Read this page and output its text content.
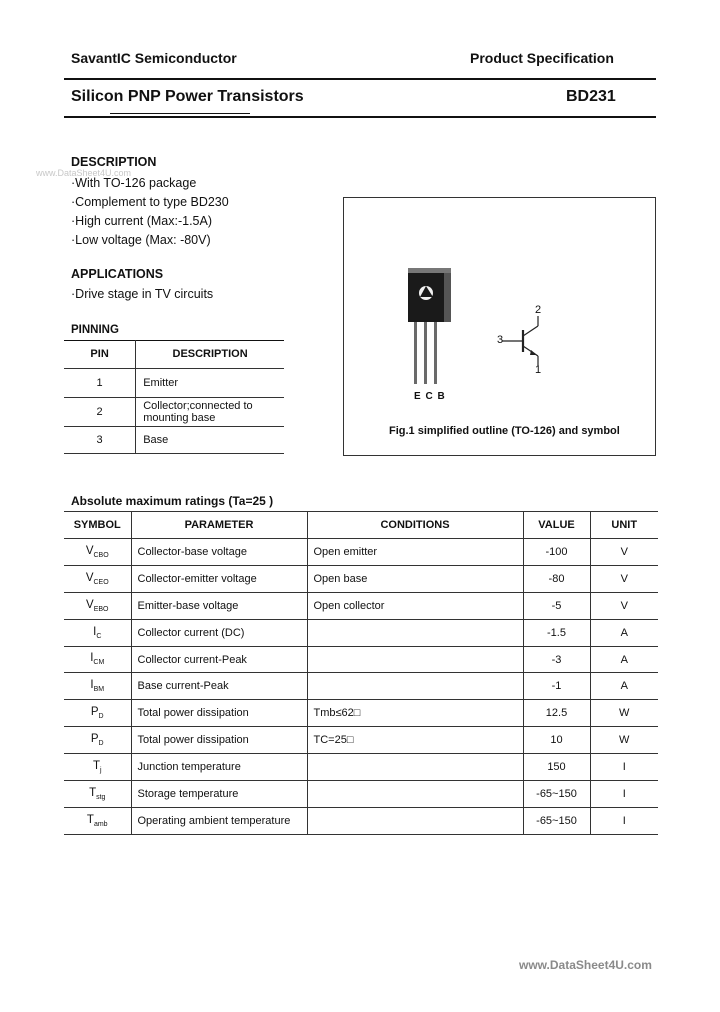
SavantIC Semiconductor	Product Specification
Silicon PNP Power Transistors	BD231
www.DataSheet4U.com
DESCRIPTION
·With TO-126 package
·Complement to type BD230
·High current (Max:-1.5A)
·Low voltage (Max: -80V)
APPLICATIONS
·Drive stage in TV circuits
PINNING
PIN	DESCRIPTION
1	Emitter
2	Collector;connected to mounting base
3	Base
E C B
2
3
1
Fig.1 simplified outline (TO-126) and symbol
Absolute maximum ratings (Ta=25 )
SYMBOL	PARAMETER	CONDITIONS	VALUE	UNIT
$V_{CBO}$	Collector-base voltage	Open emitter	-100	V
$V_{CEO}$	Collector-emitter voltage	Open base	-80	V
$V_{EBO}$	Emitter-base voltage	Open collector	-5	V
$I_C$	Collector current (DC)		-1.5	A
$I_{CM}$	Collector current-Peak		-3	A
$I_{BM}$	Base current-Peak		-1	A
$P_D$	Total power dissipation	Tmb≤62□	12.5	W
$P_D$	Total power dissipation	TC=25□	10	W
$T_j$	Junction temperature		150	I
$T_{stg}$	Storage temperature		-65~150	I
$T_{amb}$	Operating ambient temperature		-65~150	I
www.DataSheet4U.com
